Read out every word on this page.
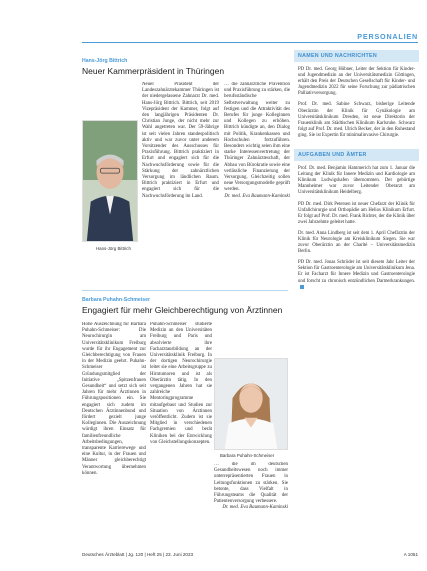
PERSONALIEN
Hans-Jörg Bittrich
Neuer Kammerpräsident in Thüringen
Hans-Jörg Bittrich

Neuer Präsident der Landeszahnärztekammer Thüringen ist der niedergelassene Zahnarzt Dr. med. Hans-Jörg Bittrich. Bittrich, seit 2019 Vizepräsident der Kammer, folgt auf den langjährigen Präsidenten Dr. Christian Junge, der nicht mehr zur Wahl angetreten war. Der 59-Jährige ist seit vielen Jahren standespolitisch aktiv und war zuvor unter anderem Vorsitzender des Ausschusses für Praxisführung. Bittrich praktiziert in Erfurt und engagiert sich für die Nachwuchsförderung sowie für die Stärkung der zahnärztlichen Versorgung im ländlichen Raum. Bittrich praktiziert in Erfurt und engagiert sich für die Nachwuchsförderung im Land.

… die zahnärztliche Prävention und Praxisführung zu stärken, die berufsständische Selbstverwaltung weiter zu festigen und die Attraktivität des Berufes für junge Kolleginnen und Kollegen zu erhöhen. Bittrich kündigte an, den Dialog mit Politik, Krankenkassen und Hochschulen fortzuführen. Besonders wichtig seien ihm eine starke Interessenvertretung der Thüringer Zahnärzteschaft, der Abbau von Bürokratie sowie eine verlässliche Finanzierung der Versorgung. Gleichzeitig sollen neue Versorgungsmodelle geprüft werden.

Dr. med. Eva Baumann-Kaminski

Barbara Puhahn-Schmeiser
Engagiert für mehr Gleichberechtigung von Ärztinnen

Hohe Auszeichnung für Barbara Puhahn-Schmeiser: Die Neurochirurgin am Universitätsklinikum Freiburg wurde für ihr Engagement zur Gleichberechtigung von Frauen in der Medizin geehrt. Puhahn-Schmeiser ist Gründungsmitglied der Initiative „Spitzenfrauen Gesundheit“ und setzt sich seit Jahren für mehr Ärztinnen in Führungspositionen ein. Sie engagiert sich zudem im Deutschen Ärztinnenbund und fördert gezielt junge Kolleginnen. Die Auszeichnung würdigt ihren Einsatz für familienfreundliche Arbeitsbedingungen, transparente Karrierewege und eine Kultur, in der Frauen und Männer gleichberechtigt Verantwortung übernehmen können.

Puhahn-Schmeiser studierte Medizin an den Universitäten Freiburg und Paris und absolvierte ihre Facharztausbildung an der Universitätsklinik Freiburg. In der dortigen Neurochirurgie leitet sie eine Arbeitsgruppe zu Hirntumoren und ist als Oberärztin tätig. In den vergangenen Jahren hat sie zahlreiche Mentoringprogramme mitaufgebaut und Studien zur Situation von Ärztinnen veröffentlicht. Zudem ist sie Mitglied in verschiedenen Fachgremien und berät Kliniken bei der Entwicklung von Gleichstellungskonzepten.

Barbara Puhahn-Schmeiser

… die im deutschen Gesundheitswesen noch immer unterrepräsentierten Frauen in Leitungsfunktionen zu stärken. Sie betonte, dass Vielfalt in Führungsteams die Qualität der Patientenversorgung verbessere.

Dr. med. Eva Baumann-Kaminski

NAMEN UND NACHRICHTEN

PD Dr. med. Georg Hübner, Leiter der Sektion für Kinder- und Jugendmedizin an der Universitätsmedizin Göttingen, erhält den Preis der Deutschen Gesellschaft für Kinder- und Jugendmedizin 2022 für seine Forschung zur pädiatrischen Palliativversorgung.

Prof. Dr. med. Sabine Schwarz, bisherige Leitende Oberärztin der Klinik für Gynäkologie am Universitätsklinikum Dresden, ist neue Direktorin der Frauenklinik am Städtischen Klinikum Karlsruhe. Schwarz folgt auf Prof. Dr. med. Ulrich Becker, der in den Ruhestand ging. Sie ist Expertin für minimalinvasive Chirurgie.

AUFGABEN UND ÄMTER

Prof. Dr. med. Benjamin Hammerich hat zum 1. Januar die Leitung der Klinik für Innere Medizin und Kardiologie am Klinikum Ludwigshafen übernommen. Der gebürtige Mannheimer war zuvor Leitender Oberarzt am Universitätsklinikum Heidelberg.

PD Dr. med. Dirk Petersen ist neuer Chefarzt der Klinik für Unfallchirurgie und Orthopädie am Helios Klinikum Erfurt. Er folgt auf Prof. Dr. med. Frank Richter, der die Klinik über zwei Jahrzehnte geleitet hatte.

Dr. med. Anna Lindberg ist seit dem 1. April Chefärztin der Klinik für Neurologie am Kreisklinikum Siegen. Sie war zuvor Oberärztin an der Charité – Universitätsmedizin Berlin.

PD Dr. med. Jonas Schröder ist seit diesem Jahr Leiter der Sektion für Gastroenterologie am Universitätsklinikum Jena. Er ist Facharzt für Innere Medizin und Gastroenterologie und forscht zu chronisch entzündlichen Darmerkrankungen.

Deutsches Ärzteblatt | Jg. 120 | Heft 25 | 23. Juni 2023	A 1051
